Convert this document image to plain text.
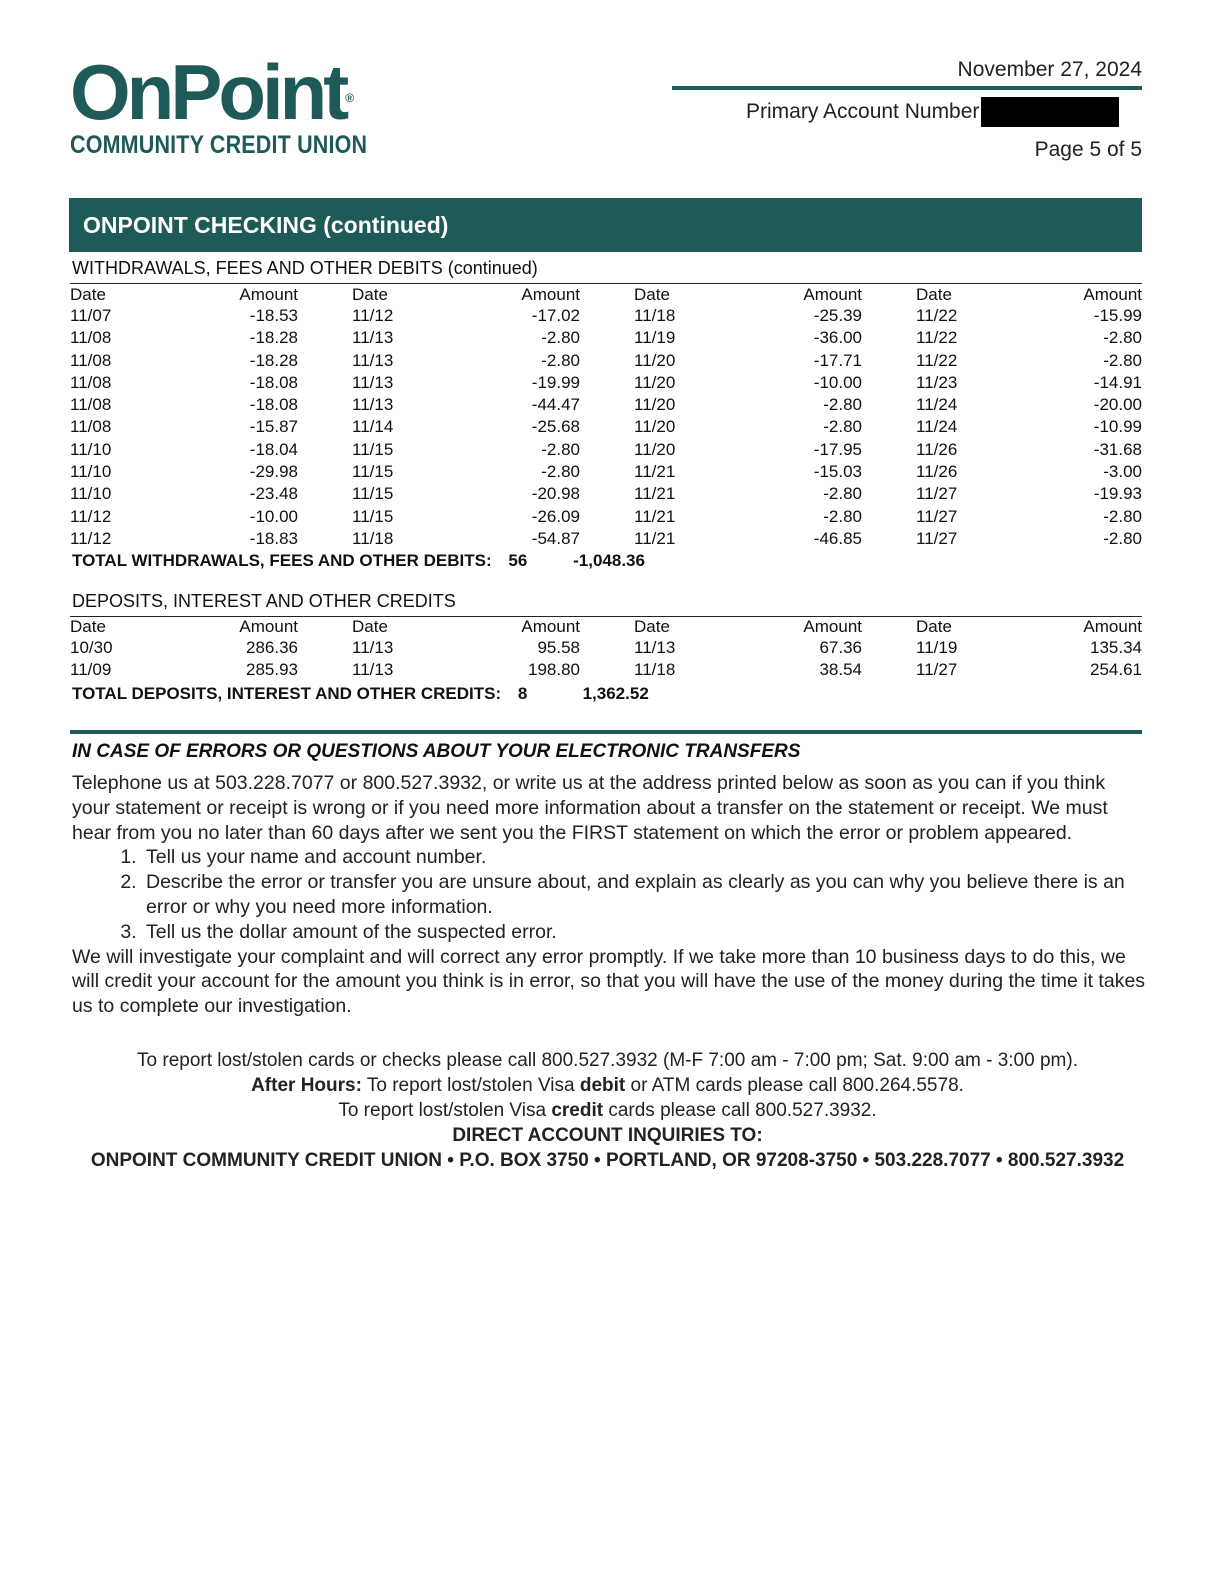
OnPoint®
COMMUNITY CREDIT UNION
November 27, 2024
Primary Account Number
Page 5 of 5
ONPOINT CHECKING (continued)
WITHDRAWALS, FEES AND OTHER DEBITS (continued)
Date	Amount		Date	Amount		Date	Amount		Date	Amount
11/07	-18.53		11/12	-17.02		11/18	-25.39		11/22	-15.99
11/08	-18.28		11/13	-2.80		11/19	-36.00		11/22	-2.80
11/08	-18.28		11/13	-2.80		11/20	-17.71		11/22	-2.80
11/08	-18.08		11/13	-19.99		11/20	-10.00		11/23	-14.91
11/08	-18.08		11/13	-44.47		11/20	-2.80		11/24	-20.00
11/08	-15.87		11/14	-25.68		11/20	-2.80		11/24	-10.99
11/10	-18.04		11/15	-2.80		11/20	-17.95		11/26	-31.68
11/10	-29.98		11/15	-2.80		11/21	-15.03		11/26	-3.00
11/10	-23.48		11/15	-20.98		11/21	-2.80		11/27	-19.93
11/12	-10.00		11/15	-26.09		11/21	-2.80		11/27	-2.80
11/12	-18.83		11/18	-54.87		11/21	-46.85		11/27	-2.80
TOTAL WITHDRAWALS, FEES AND OTHER DEBITS: 56	-1,048.36
DEPOSITS, INTEREST AND OTHER CREDITS
Date	Amount		Date	Amount		Date	Amount		Date	Amount
10/30	286.36		11/13	95.58		11/13	67.36		11/19	135.34
11/09	285.93		11/13	198.80		11/18	38.54		11/27	254.61
TOTAL DEPOSITS, INTEREST AND OTHER CREDITS: 8	1,362.52
IN CASE OF ERRORS OR QUESTIONS ABOUT YOUR ELECTRONIC TRANSFERS

Telephone us at 503.228.7077 or 800.527.3932, or write us at the address printed below as soon as you can if you think your statement or receipt is wrong or if you need more information about a transfer on the statement or receipt. We must hear from you no later than 60 days after we sent you the FIRST statement on which the error or problem appeared.

1. Tell us your name and account number.
2. Describe the error or transfer you are unsure about, and explain as clearly as you can why you believe there is an error or why you need more information.
3. Tell us the dollar amount of the suspected error.

We will investigate your complaint and will correct any error promptly. If we take more than 10 business days to do this, we will credit your account for the amount you think is in error, so that you will have the use of the money during the time it takes us to complete our investigation.

To report lost/stolen cards or checks please call 800.527.3932 (M-F 7:00 am - 7:00 pm; Sat. 9:00 am - 3:00 pm).
After Hours: To report lost/stolen Visa debit or ATM cards please call 800.264.5578.
To report lost/stolen Visa credit cards please call 800.527.3932.
DIRECT ACCOUNT INQUIRIES TO:
ONPOINT COMMUNITY CREDIT UNION • P.O. BOX 3750 • PORTLAND, OR 97208-3750 • 503.228.7077 • 800.527.3932
